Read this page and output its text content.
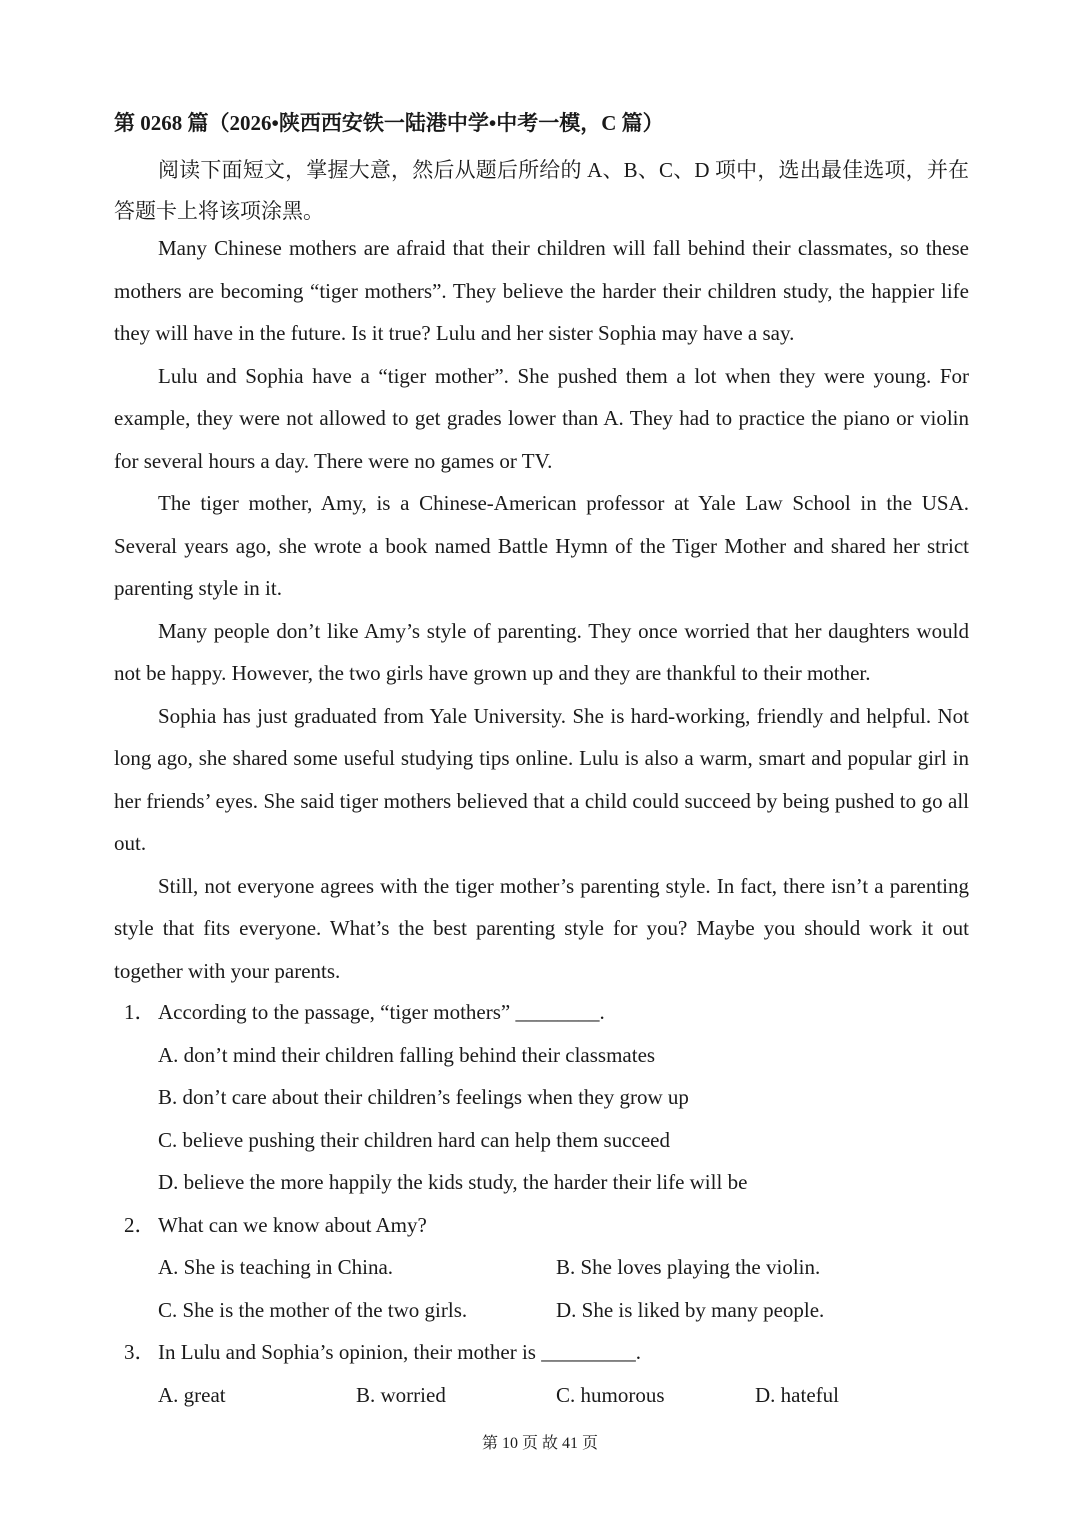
第 0268 篇（2026•陕西西安铁一陆港中学•中考一模，C 篇）
阅读下面短文，掌握大意，然后从题后所给的 A、B、C、D 项中，选出最佳选项，并在答题卡上将该项涂黑。

Many Chinese mothers are afraid that their children will fall behind their classmates, so these mothers are becoming “tiger mothers”. They believe the harder their children study, the happier life they will have in the future. Is it true? Lulu and her sister Sophia may have a say.

Lulu and Sophia have a “tiger mother”. She pushed them a lot when they were young. For example, they were not allowed to get grades lower than A. They had to practice the piano or violin for several hours a day. There were no games or TV.

The tiger mother, Amy, is a Chinese-American professor at Yale Law School in the USA. Several years ago, she wrote a book named Battle Hymn of the Tiger Mother and shared her strict parenting style in it.

Many people don’t like Amy’s style of parenting. They once worried that her daughters would not be happy. However, the two girls have grown up and they are thankful to their mother.

Sophia has just graduated from Yale University. She is hard-working, friendly and helpful. Not long ago, she shared some useful studying tips online. Lulu is also a warm, smart and popular girl in her friends’ eyes. She said tiger mothers believed that a child could succeed by being pushed to go all out.

Still, not everyone agrees with the tiger mother’s parenting style. In fact, there isn’t a parenting style that fits everyone. What’s the best parenting style for you? Maybe you should work it out together with your parents.

1． According to the passage, “tiger mothers” ________.
A. don’t mind their children falling behind their classmates
B. don’t care about their children’s feelings when they grow up
C. believe pushing their children hard can help them succeed
D. believe the more happily the kids study, the harder their life will be
2． What can we know about Amy?
A. She is teaching in China.	B. She loves playing the violin.
C. She is the mother of the two girls.	D. She is liked by many people.
3． In Lulu and Sophia’s opinion, their mother is _________.
A. great	B. worried	C. humorous	D. hateful
第 10 页 故 41 页
